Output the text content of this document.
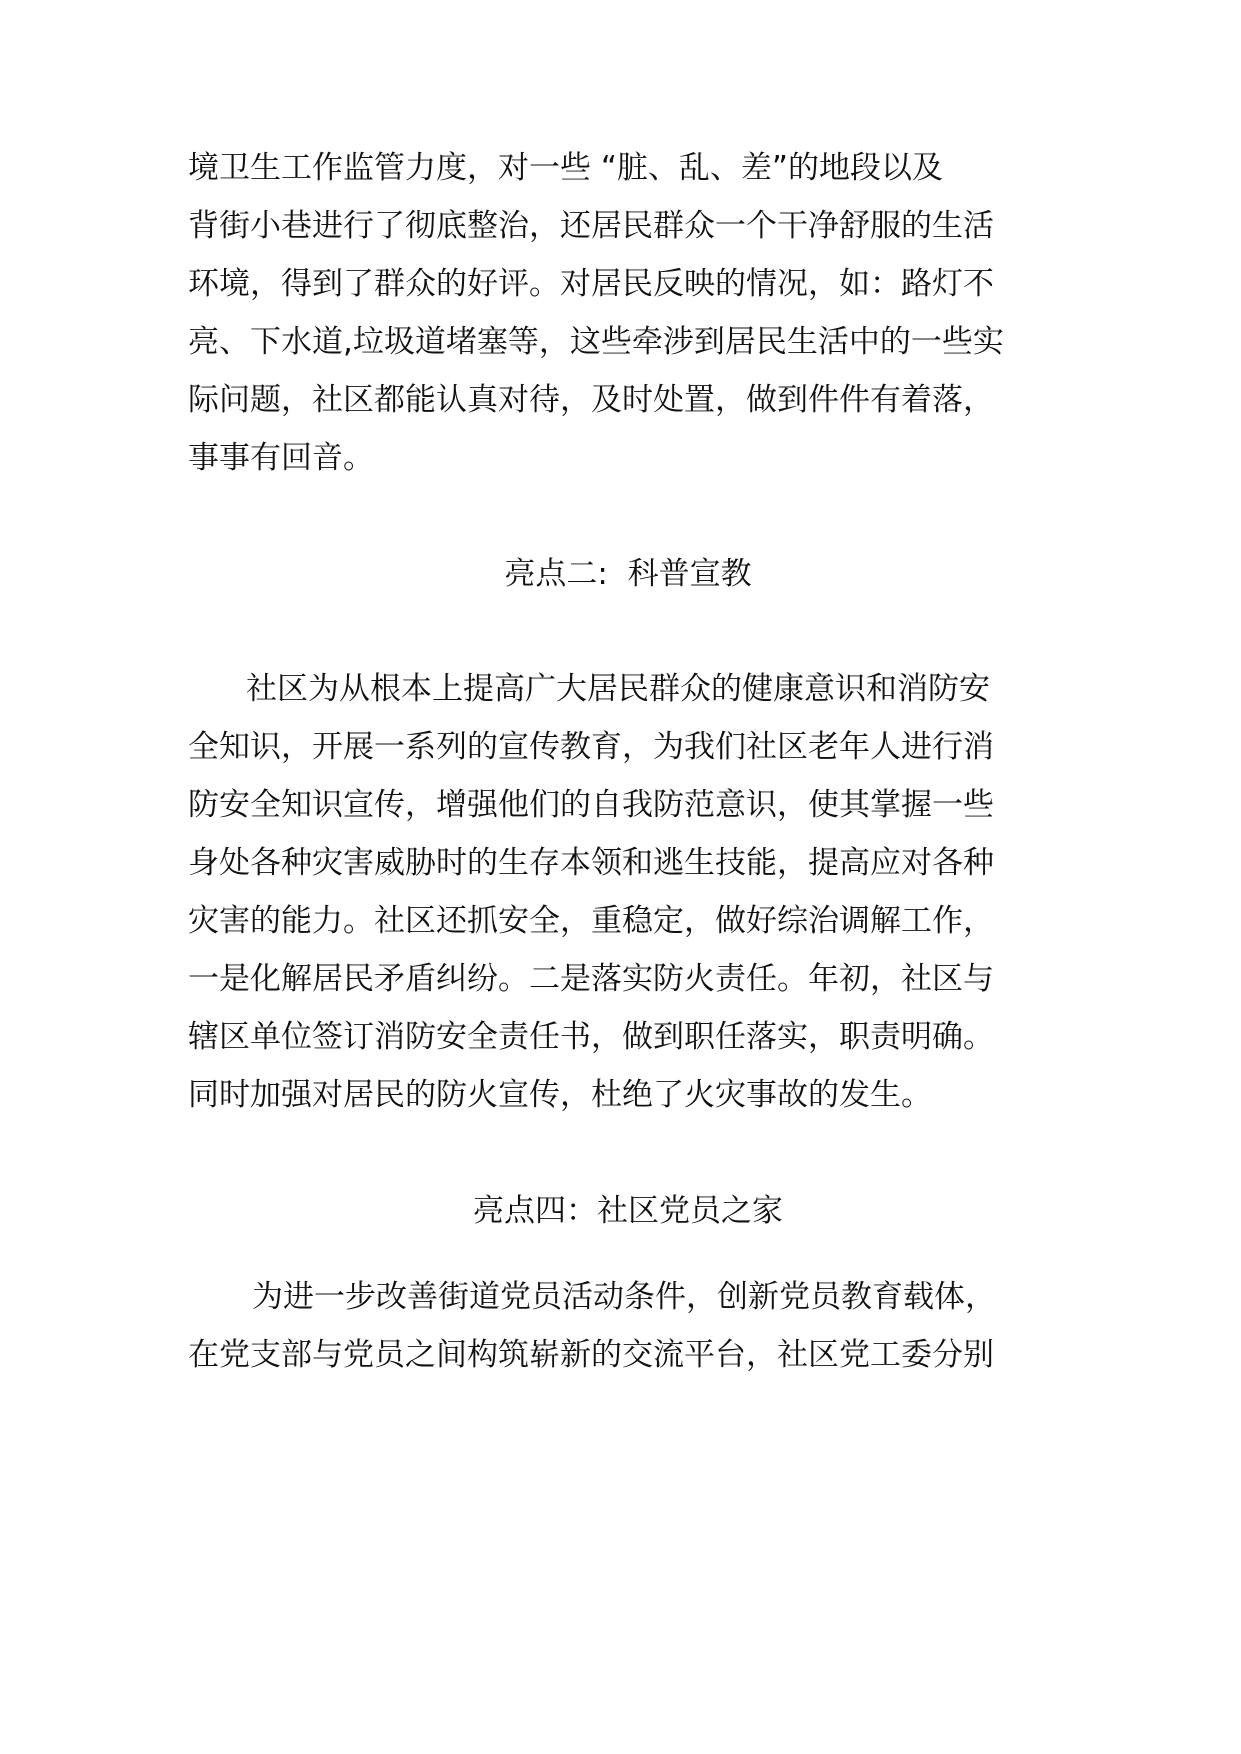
境卫生工作监管力度，对一些 “脏、乱、差”的地段以及
背街小巷进行了彻底整治，还居民群众一个干净舒服的生活
环境，得到了群众的好评。对居民反映的情况，如：路灯不
亮、下水道,垃圾道堵塞等，这些牵涉到居民生活中的一些实
际问题，社区都能认真对待，及时处置，做到件件有着落，
事事有回音。
亮点二:  科普宣教
社区为从根本上提高广大居民群众的健康意识和消防安
全知识，开展一系列的宣传教育，为我们社区老年人进行消
防安全知识宣传，增强他们的自我防范意识，使其掌握一些
身处各种灾害威胁时的生存本领和逃生技能，提高应对各种
灾害的能力。社区还抓安全，重稳定，做好综治调解工作，
一是化解居民矛盾纠纷。二是落实防火责任。年初，社区与
辖区单位签订消防安全责任书，做到职任落实，职责明确。
同时加强对居民的防火宣传，杜绝了火灾事故的发生。
亮点四：社区党员之家
为进一步改善街道党员活动条件，创新党员教育载体，
在党支部与党员之间构筑崭新的交流平台，社区党工委分别
